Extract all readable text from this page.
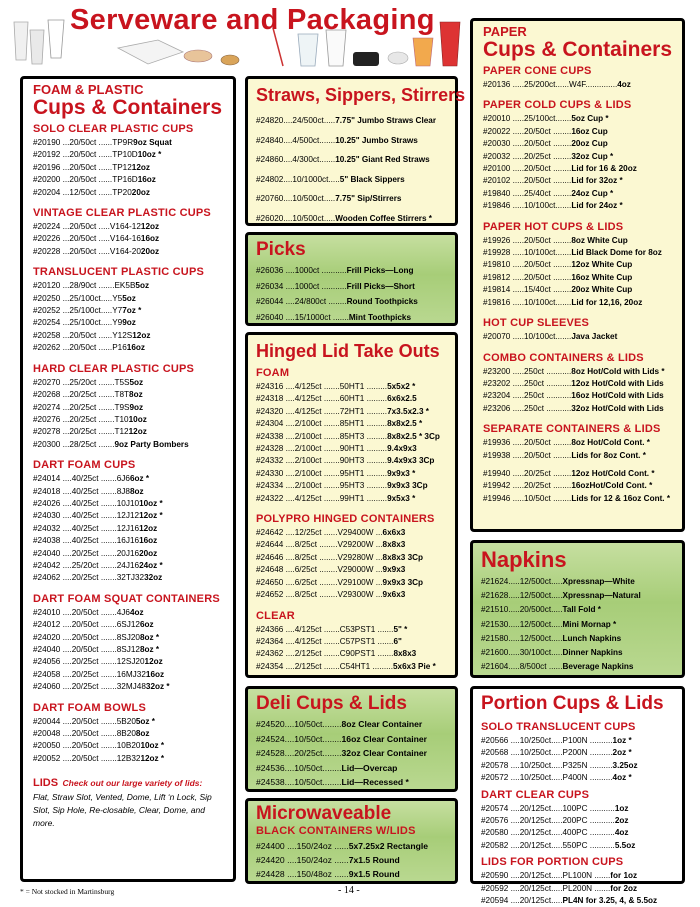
Serveware and Packaging
FOAM & PLASTIC
Cups & Containers
SOLO CLEAR PLASTIC CUPS
#20190 ...20/50ct ......TP9R 9oz Squat
#20192 ...20/50ct ......TP10D 10oz *
#20196 ...20/50ct ......TP12 12oz
#20200 ...20/50ct ......TP16D 16oz
#20204 ...12/50ct ......TP20 20oz
VINTAGE CLEAR PLASTIC CUPS
#20224 ...20/50ct .....V164-12 12oz
#20226 ...20/50ct .....V164-16 16oz
#20228 ...20/50ct .....V164-20 20oz
TRANSLUCENT PLASTIC CUPS
#20120 ...28/90ct .......EK5B 5oz
#20250 ...25/100ct.....Y5 5oz
#20252 ...25/100ct.....Y7 7oz *
#20254 ...25/100ct.....Y9 9oz
#20258 ...20/50ct ......Y12S 12oz
#20262 ...20/50ct ......P16 16oz
HARD CLEAR PLASTIC CUPS
#20270 ...25/20ct .......T5S 5oz
#20268 ...20/25ct .......T8T 8oz
#20274 ...20/25ct .......T9S 9oz
#20276 ...20/25ct .......T10 10oz
#20278 ...20/25ct .......T12 12oz
#20300 ...28/25ct ....... 9oz Party Bombers
DART FOAM CUPS
#24014 ....40/25ct .......6J6 6oz *
#24018 ....40/25ct .......8J8 8oz
#24026 ....40/25ct .......10J10 10oz *
#24030 ....40/25ct .......12J12 12oz *
#24032 ....40/25ct .......12J16 12oz
#24038 ....40/25ct .......16J16 16oz
#24040 ....20/25ct .......20J16 20oz
#24042 ....25/20ct .......24J16 24oz *
#24062 ....20/25ct .......32TJ32 32oz
DART FOAM SQUAT CONTAINERS
#24010 ....20/50ct .......4J6 4oz
#24012 ....20/50ct .......6SJ12 6oz
#24020 ....20/50ct .......8SJ20 8oz *
#24040 ....20/50ct .......8SJ12 8oz *
#24056 ....20/25ct .......12SJ20 12oz
#24058 ....20/25ct .......16MJ32 16oz
#24060 ....20/25ct .......32MJ48 32oz *
DART FOAM BOWLS
#20044 ....20/50ct .......5B20 5oz *
#20048 ....20/50ct .......8B20 8oz
#20050 ....20/50ct .......10B20 10oz *
#20052 ....20/50ct .......12B32 12oz *
LIDS Check out our large variety of lids:
Flat, Straw Slot, Vented, Dome, Lift ‘n Lock, Sip Slot, Sip Hole, Re-closable, Clear, Dome, and more.
Straws, Sippers, Stirrers
#24820....24/500ct..... 7.75" Jumbo Straws Clear
#24840....4/500ct....... 10.25" Jumbo Straws
#24860....4/300ct....... 10.25" Giant Red Straws
#24802....10/1000ct..... 5" Black Sippers
#20760....10/500ct..... 7.75" Sip/Stirrers
#26020....10/500ct..... Wooden Coffee Stirrers *
Picks
#26036 ....1000ct ........... Frill Picks—Long
#26034 ....1000ct ........... Frill Picks—Short
#26044 ....24/800ct ........ Round Toothpicks
#26040 ....15/1000ct ....... Mint Toothpicks
Hinged Lid Take Outs
FOAM
#24316 ....4/125ct .......50HT1 ......... 5x5x2 *
#24318 ....4/125ct .......60HT1 ......... 6x6x2.5
#24320 ....4/125ct .......72HT1 ......... 7x3.5x2.3 *
#24304 ....2/100ct .......85HT1 ......... 8x8x2.5 *
#24338 ....2/100ct .......85HT3 ......... 8x8x2.5 * 3Cp
#24328 ....2/100ct .......90HT1 ......... 9.4x9x3
#24332 ....2/100ct .......90HT3 ......... 9.4x9x3 3Cp
#24330 ....2/100ct .......95HT1 ......... 9x9x3 *
#24334 ....2/100ct .......95HT3 ......... 9x9x3 3Cp
#24322 ....4/125ct .......99HT1 ......... 9x5x3 *
POLYPRO HINGED CONTAINERS
#24642 ....12/25ct ......V29400W ... 6x6x3
#24644 ....8/25ct ........V29200W ... 8x8x3
#24646 ....8/25ct ........V29280W ... 8x8x3 3Cp
#24648 ....6/25ct ........V29000W ... 9x9x3
#24650 ....6/25ct ........V29100W ... 9x9x3 3Cp
#24652 ....8/25ct ........V29300W ... 9x6x3
CLEAR
#24366 ....4/125ct .......C53PST1 ....... 5" *
#24364 ....4/125ct .......C57PST1 ....... 6"
#24362 ....2/125ct .......C90PST1 ....... 8x8x3
#24354 ....2/125ct .......C54HT1 ......... 5x6x3 Pie *
Deli Cups & Lids
#24520....10/50ct........ 8oz Clear Container
#24524....10/50ct........ 16oz Clear Container
#24528....20/25ct........ 32oz Clear Container
#24536....10/50ct........ Lid—Overcap
#24538....10/50ct........ Lid—Recessed *
Microwaveable
BLACK CONTAINERS W/LIDS
#24400 ....150/24oz ...... 5x7.25x2 Rectangle
#24420 ....150/24oz ...... 7x1.5 Round
#24428 ....150/48oz ...... 9x1.5 Round
PAPER
Cups & Containers
PAPER CONE CUPS
#20136 .....25/200ct......W4F.............. 4oz
PAPER COLD CUPS & LIDS
#20010 .....25/100ct....... 5oz Cup *
#20022 .....20/50ct ........ 16oz Cup
#20030 .....20/50ct ........ 20oz Cup
#20032 .....20/25ct ........ 32oz Cup *
#20100 .....20/50ct ........ Lid for 16 & 20oz
#20102 .....20/50ct ........ Lid for 32oz *
#19840 .....25/40ct ........ 24oz Cup *
#19846 .....10/100ct....... Lid for 24oz *
PAPER HOT CUPS & LIDS
#19926 .....20/50ct ........ 8oz White Cup
#19928 .....10/100ct....... Lid Black Dome for 8oz
#19810 .....20/50ct ........ 12oz White Cup
#19812 .....20/50ct ........ 16oz White Cup
#19814 .....15/40ct ........ 20oz White Cup
#19816 .....10/100ct....... Lid for 12,16, 20oz
HOT CUP SLEEVES
#20070 .....10/100ct....... Java Jacket
COMBO CONTAINERS & LIDS
#23200 .....250ct ........... 8oz Hot/Cold with Lids *
#23202 .....250ct ........... 12oz Hot/Cold with Lids
#23204 .....250ct ........... 16oz Hot/Cold with Lids
#23206 .....250ct ........... 32oz Hot/Cold with Lids
SEPARATE CONTAINERS & LIDS
#19936 .....20/50ct ........ 8oz Hot/Cold Cont. *
#19938 .....20/50ct ........ Lids for 8oz Cont. *
#19940 .....20/25ct ........ 12oz Hot/Cold Cont. *
#19942 .....20/25ct ........ 16ozHot/Cold Cont. *
#19946 .....10/50ct ........ Lids for 12 & 16oz Cont. *
Napkins
#21624.....12/500ct..... Xpressnap—White
#21628.....12/500ct..... Xpressnap—Natural
#21510.....20/500ct..... Tall Fold *
#21530.....12/500ct..... Mini Mornap *
#21580.....12/500ct..... Lunch Napkins
#21600.....30/100ct..... Dinner Napkins
#21604.....8/500ct ...... Beverage Napkins
Portion Cups & Lids
SOLO TRANSLUCENT CUPS
#20566 ....10/250ct.....P100N .......... 1oz *
#20568 ....10/250ct.....P200N .......... 2oz *
#20578 ....10/250ct.....P325N .......... 3.25oz
#20572 ....10/250ct.....P400N .......... 4oz *
DART CLEAR CUPS
#20574 ....20/125ct.....100PC ........... 1oz
#20576 ....20/125ct.....200PC ........... 2oz
#20580 ....20/125ct.....400PC ........... 4oz
#20582 ....20/125ct.....550PC ........... 5.5oz
LIDS FOR PORTION CUPS
#20590 ....20/125ct.....PL100N ....... for 1oz
#20592 ....20/125ct.....PL200N ....... for 2oz
#20594 ....20/125ct..... PL4N for 3.25, 4, & 5.5oz
* = Not stocked in Martinsburg	- 14 -
